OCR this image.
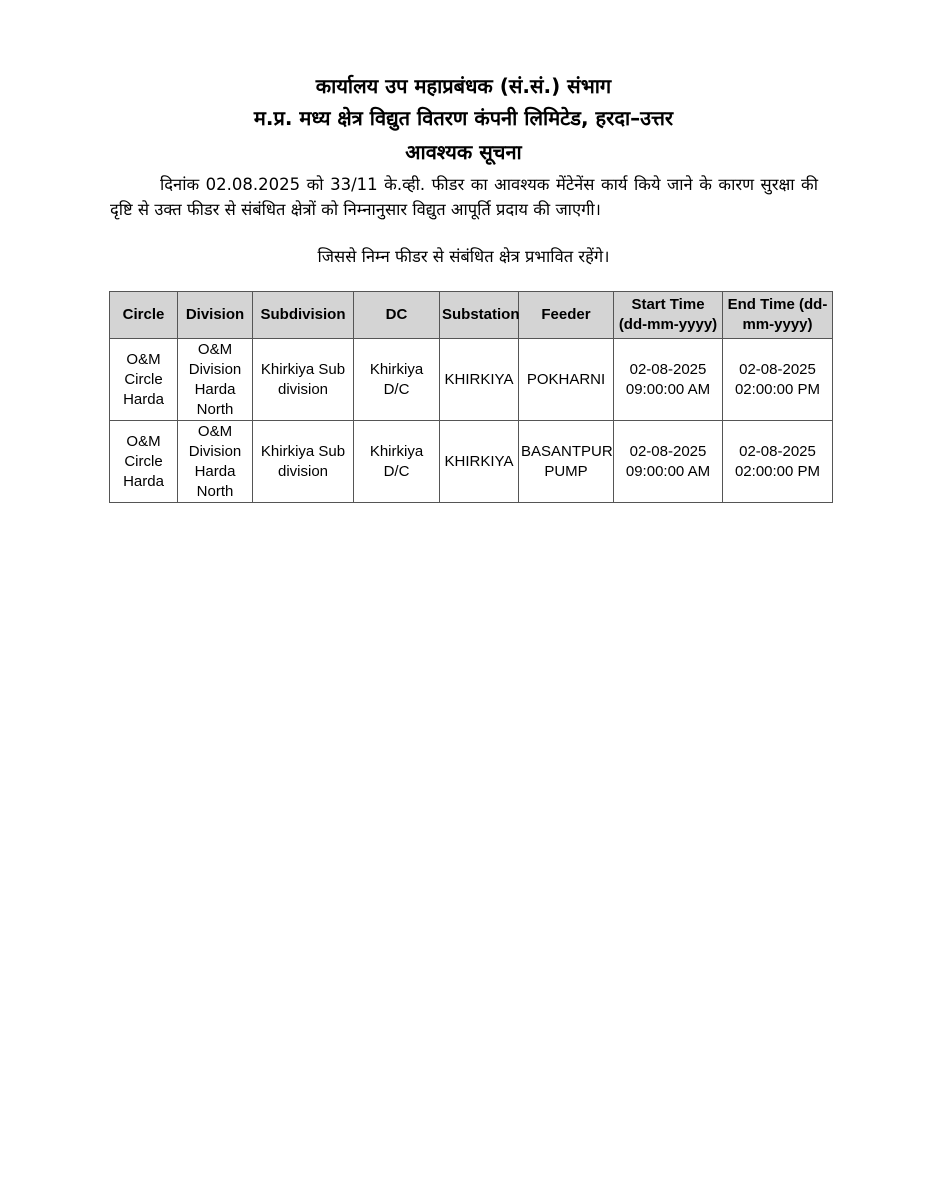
कार्यालय उप महाप्रबंधक (सं.सं.) संभाग
म.प्र. मध्य क्षेत्र विद्युत वितरण कंपनी लिमिटेड, हरदा–उत्तर
आवश्यक सूचना

दिनांक 02.08.2025 को 33/11 के.व्ही. फीडर का आवश्यक मेंटेनेंस कार्य किये जाने के कारण सुरक्षा की दृष्टि से उक्त फीडर से संबंधित क्षेत्रों को निम्नानुसार विद्युत आपूर्ति प्रदाय की जाएगी।

जिससे निम्न फीडर से संबंधित क्षेत्र प्रभावित रहेंगे।
Circle	Division	Subdivision	DC	Substation	Feeder	Start Time (dd-mm-yyyy)	End Time (dd-mm-yyyy)
O&M Circle Harda	O&M Division Harda North	Khirkiya Sub division	Khirkiya D/C	KHIRKIYA	POKHARNI	02-08-2025 09:00:00 AM	02-08-2025 02:00:00 PM
O&M Circle Harda	O&M Division Harda North	Khirkiya Sub division	Khirkiya D/C	KHIRKIYA	BASANTPUR PUMP	02-08-2025 09:00:00 AM	02-08-2025 02:00:00 PM
